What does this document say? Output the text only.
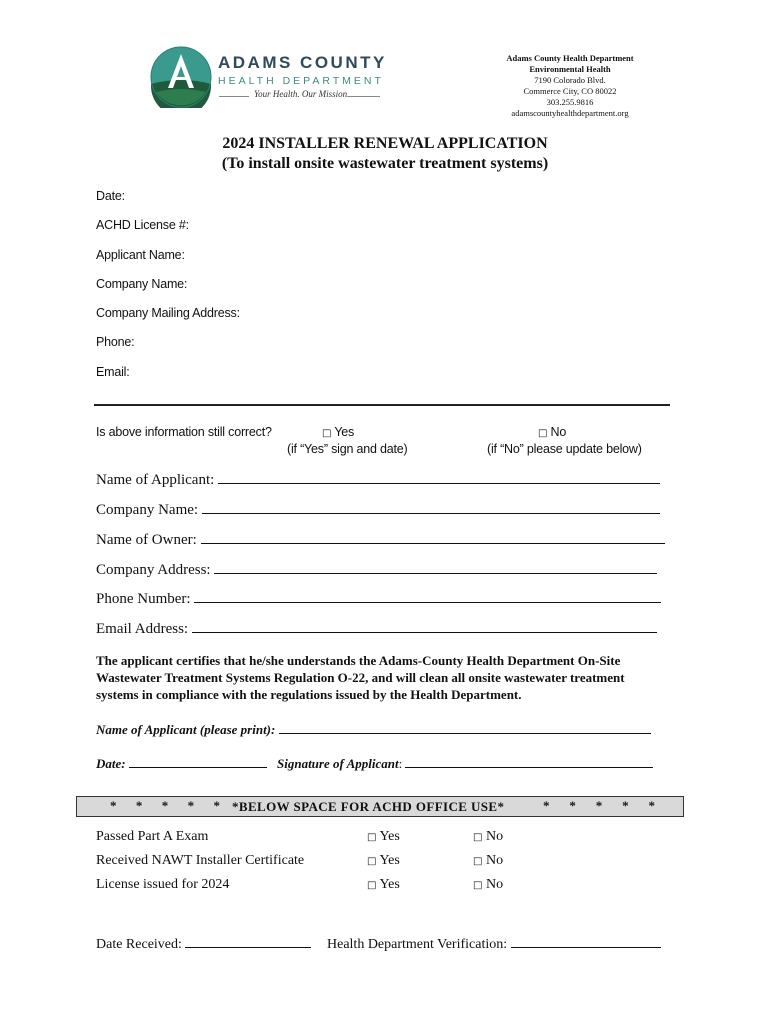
ADAMS COUNTY
HEALTH DEPARTMENT
Your Health. Our Mission.
Adams County Health Department
Environmental Health
7190 Colorado Blvd.
Commerce City, CO 80022
303.255.9816
adamscountyhealthdepartment.org
2024 INSTALLER RENEWAL APPLICATION
(To install onsite wastewater treatment systems)
Date:
ACHD License #:
Applicant Name:
Company Name:
Company Mailing Address:
Phone:
Email:
Is above information still correct?	□ Yes
(if “Yes” sign and date)
□ No
(if “No” please update below)
Name of Applicant:
Company Name:
Name of Owner:
Company Address:
Phone Number:
Email Address:
The applicant certifies that he/she understands the Adams-County Health Department On-Site Wastewater Treatment Systems Regulation O-22, and will clean all onsite wastewater treatment systems in compliance with the regulations issued by the Health Department.
Name of Applicant (please print):
Date:	Signature of Applicant:
* * * * * *BELOW SPACE FOR ACHD OFFICE USE*	* * * * *
Passed Part A Exam	□ Yes	□ No
Received NAWT Installer Certificate	□ Yes	□ No
License issued for 2024	□ Yes	□ No
Date Received:	Health Department Verification:
